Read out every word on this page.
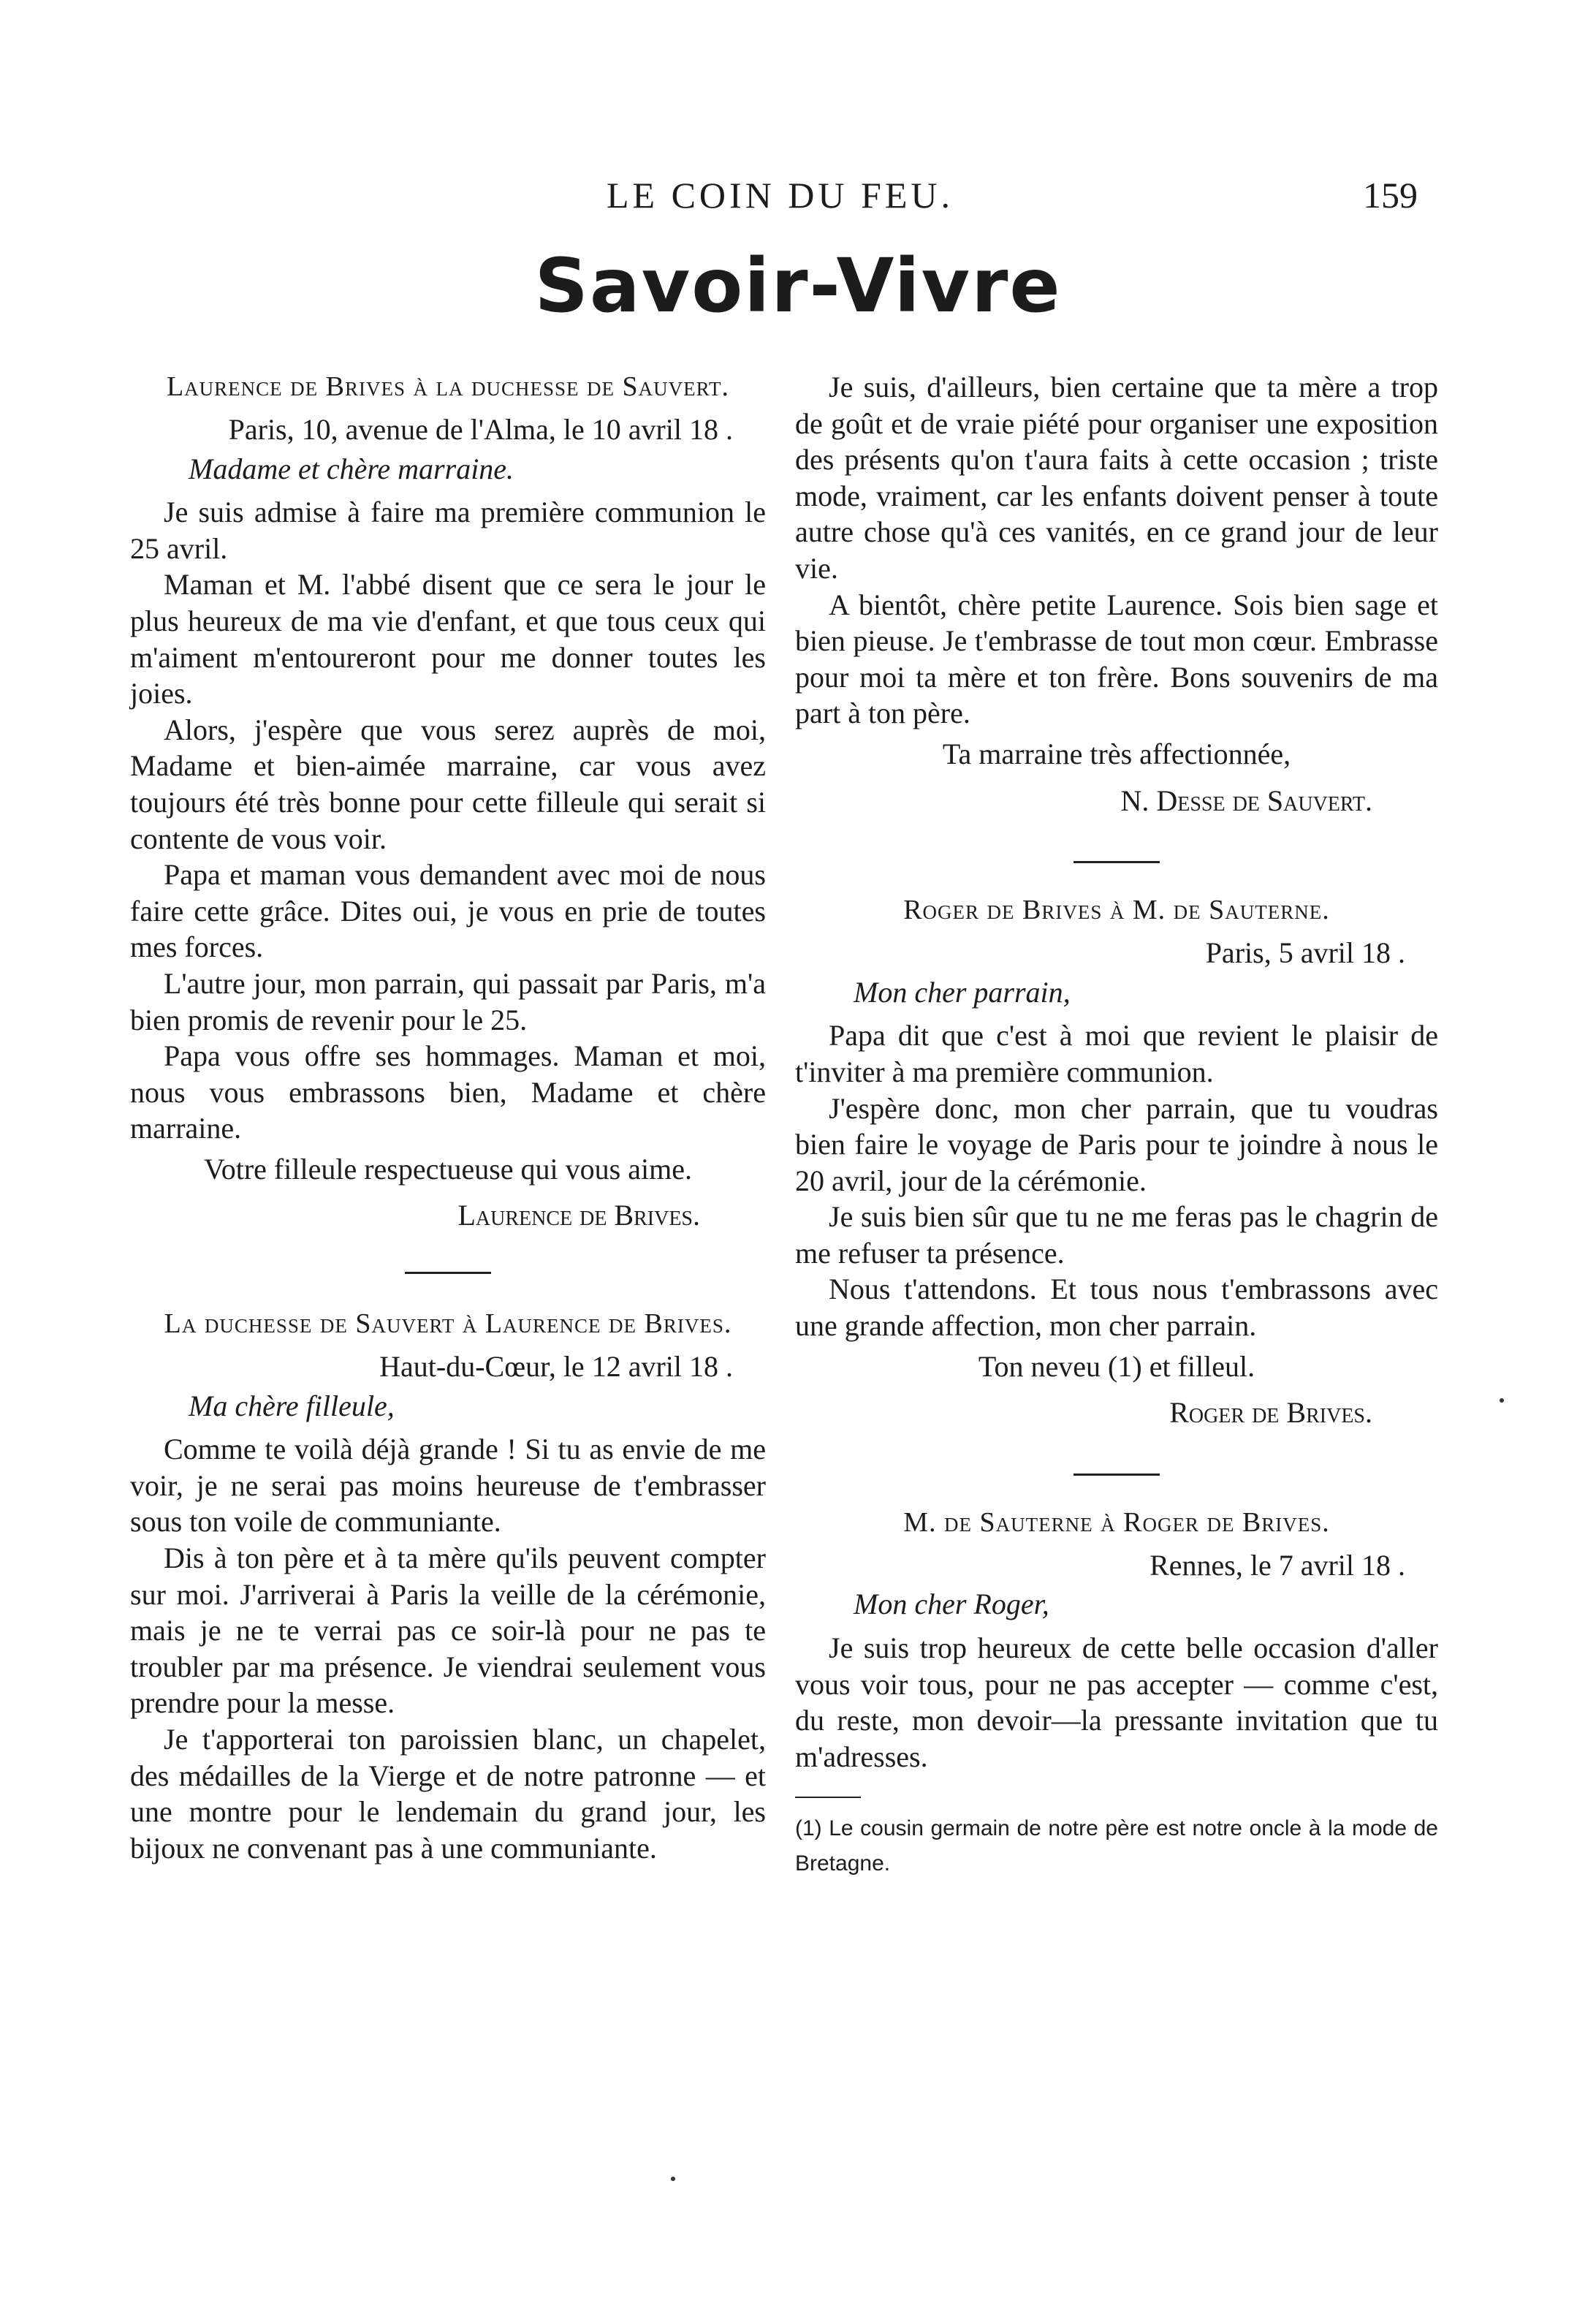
LE COIN DU FEU.	159
Savoir-Vivre
Laurence de Brives à la duchesse de Sauvert.
Paris, 10, avenue de l'Alma, le 10 avril 18 .
Madame et chère marraine.
Je suis admise à faire ma première communion le 25 avril.
Maman et M. l'abbé disent que ce sera le jour le plus heureux de ma vie d'enfant, et que tous ceux qui m'aiment m'entoureront pour me donner toutes les joies.
Alors, j'espère que vous serez auprès de moi, Madame et bien-aimée marraine, car vous avez toujours été très bonne pour cette filleule qui serait si contente de vous voir.
Papa et maman vous demandent avec moi de nous faire cette grâce. Dites oui, je vous en prie de toutes mes forces.
L'autre jour, mon parrain, qui passait par Paris, m'a bien promis de revenir pour le 25.
Papa vous offre ses hommages. Maman et moi, nous vous embrassons bien, Madame et chère marraine.
Votre filleule respectueuse qui vous aime.
Laurence de Brives.
La duchesse de Sauvert à Laurence de Brives.
Haut-du-Cœur, le 12 avril 18 .
Ma chère filleule,
Comme te voilà déjà grande ! Si tu as envie de me voir, je ne serai pas moins heureuse de t'embrasser sous ton voile de communiante.
Dis à ton père et à ta mère qu'ils peuvent compter sur moi. J'arriverai à Paris la veille de la cérémonie, mais je ne te verrai pas ce soir-là pour ne pas te troubler par ma présence. Je viendrai seulement vous prendre pour la messe.
Je t'apporterai ton paroissien blanc, un chapelet, des médailles de la Vierge et de notre patronne — et une montre pour le lendemain du grand jour, les bijoux ne convenant pas à une communiante.
Je suis, d'ailleurs, bien certaine que ta mère a trop de goût et de vraie piété pour organiser une exposition des présents qu'on t'aura faits à cette occasion ; triste mode, vraiment, car les enfants doivent penser à toute autre chose qu'à ces vanités, en ce grand jour de leur vie.
A bientôt, chère petite Laurence. Sois bien sage et bien pieuse. Je t'embrasse de tout mon cœur. Embrasse pour moi ta mère et ton frère. Bons souvenirs de ma part à ton père.
Ta marraine très affectionnée,
N. Desse de Sauvert.
Roger de Brives à M. de Sauterne.
Paris, 5 avril 18 .
Mon cher parrain,
Papa dit que c'est à moi que revient le plaisir de t'inviter à ma première communion.
J'espère donc, mon cher parrain, que tu voudras bien faire le voyage de Paris pour te joindre à nous le 20 avril, jour de la cérémonie.
Je suis bien sûr que tu ne me feras pas le chagrin de me refuser ta présence.
Nous t'attendons. Et tous nous t'embrassons avec une grande affection, mon cher parrain.
Ton neveu (1) et filleul.
Roger de Brives.
M. de Sauterne à Roger de Brives.
Rennes, le 7 avril 18 .
Mon cher Roger,
Je suis trop heureux de cette belle occasion d'aller vous voir tous, pour ne pas accepter — comme c'est, du reste, mon devoir—la pressante invitation que tu m'adresses.
(1) Le cousin germain de notre père est notre oncle à la mode de Bretagne.
